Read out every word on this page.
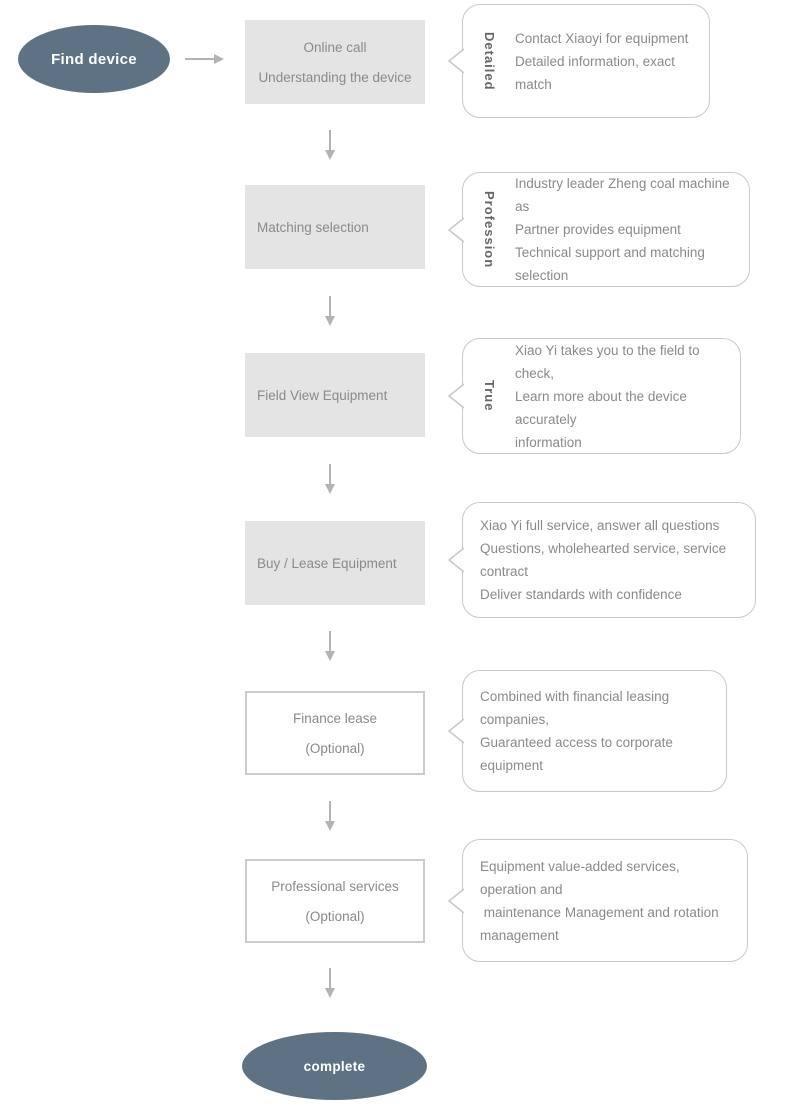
Find device
Online call
Understanding the device	Detailed Contact Xiaoyi for equipment
Detailed information, exact match
Matching selection	Profession
Industry leader Zheng coal machine as
Partner provides equipment
Technical support and matching selection
Field View Equipment	True
Xiao Yi takes you to the field to check,
Learn more about the device accurately
information
Buy / Lease Equipment
Xiao Yi full service, answer all questions
Questions, wholehearted service, service contract
Deliver standards with confidence
Finance lease
(Optional)
Combined with financial leasing companies,
Guaranteed access to corporate equipment
Professional services
(Optional)
Equipment value-added services, operation and
maintenance Management and rotation
management
complete
